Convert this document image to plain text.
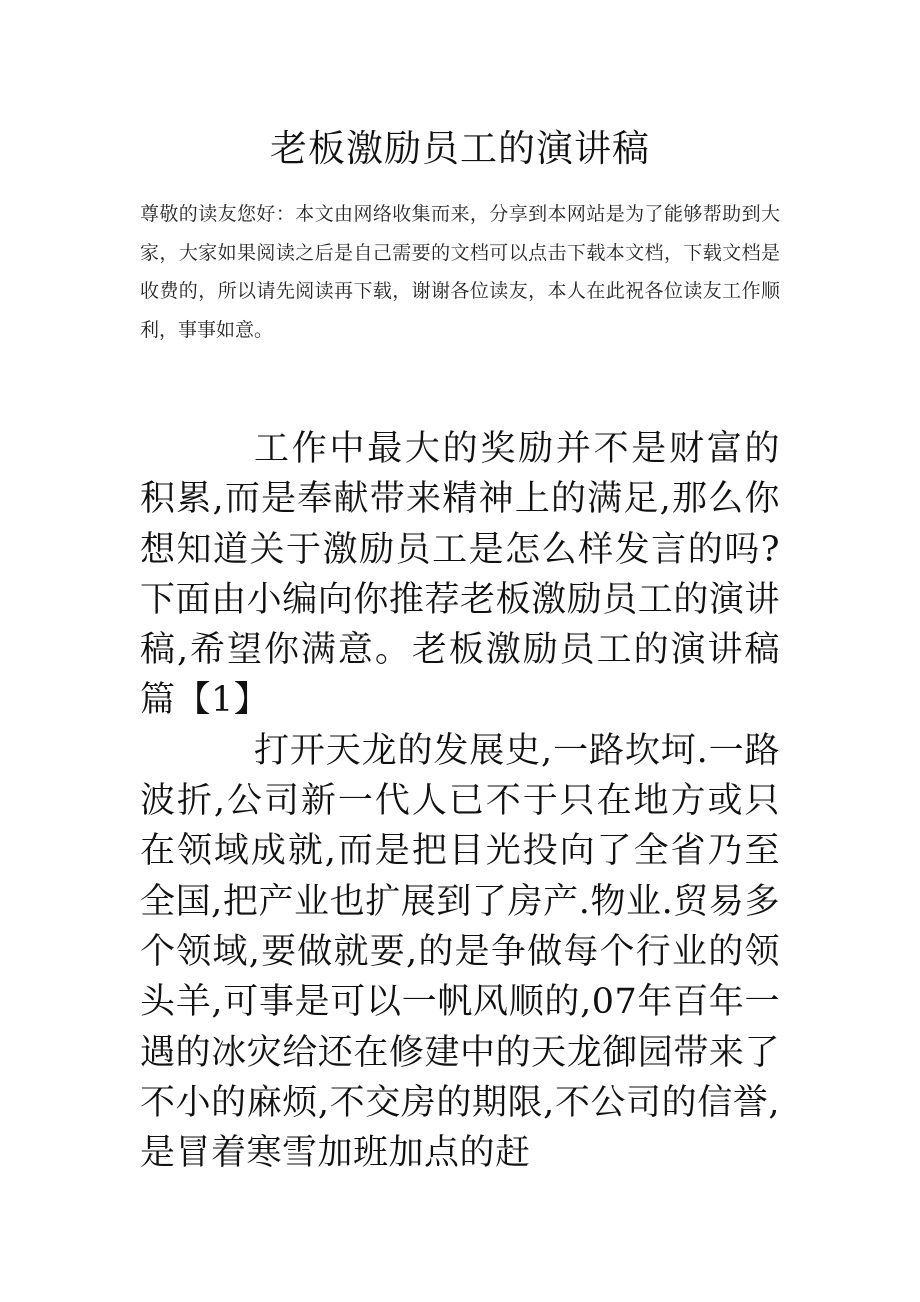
老板激励员工的演讲稿
尊敬的读友您好：本文由网络收集而来，分享到本网站是为了能够帮助到大家，大家如果阅读之后是自己需要的文档可以点击下载本文档，下载文档是收费的，所以请先阅读再下载，谢谢各位读友，本人在此祝各位读友工作顺利，事事如意。

工作中最大的奖励并不是财富的积累,而是奉献带来精神上的满足,那么你想知道关于激励员工是怎么样发言的吗?下面由小编向你推荐老板激励员工的演讲稿,希望你满意。老板激励员工的演讲稿 篇【1】

打开天龙的发展史,一路坎坷.一路波折,公司新一代人已不于只在地方或只在领域成就,而是把目光投向了全省乃至全国,把产业也扩展到了房产.物业.贸易多个领域,要做就要,的是争做每个行业的领头羊,可事是可以一帆风顺的,07年百年一遇的冰灾给还在修建中的天龙御园带来了不小的麻烦,不交房的期限,不公司的信誉,是冒着寒雪加班加点的赶
